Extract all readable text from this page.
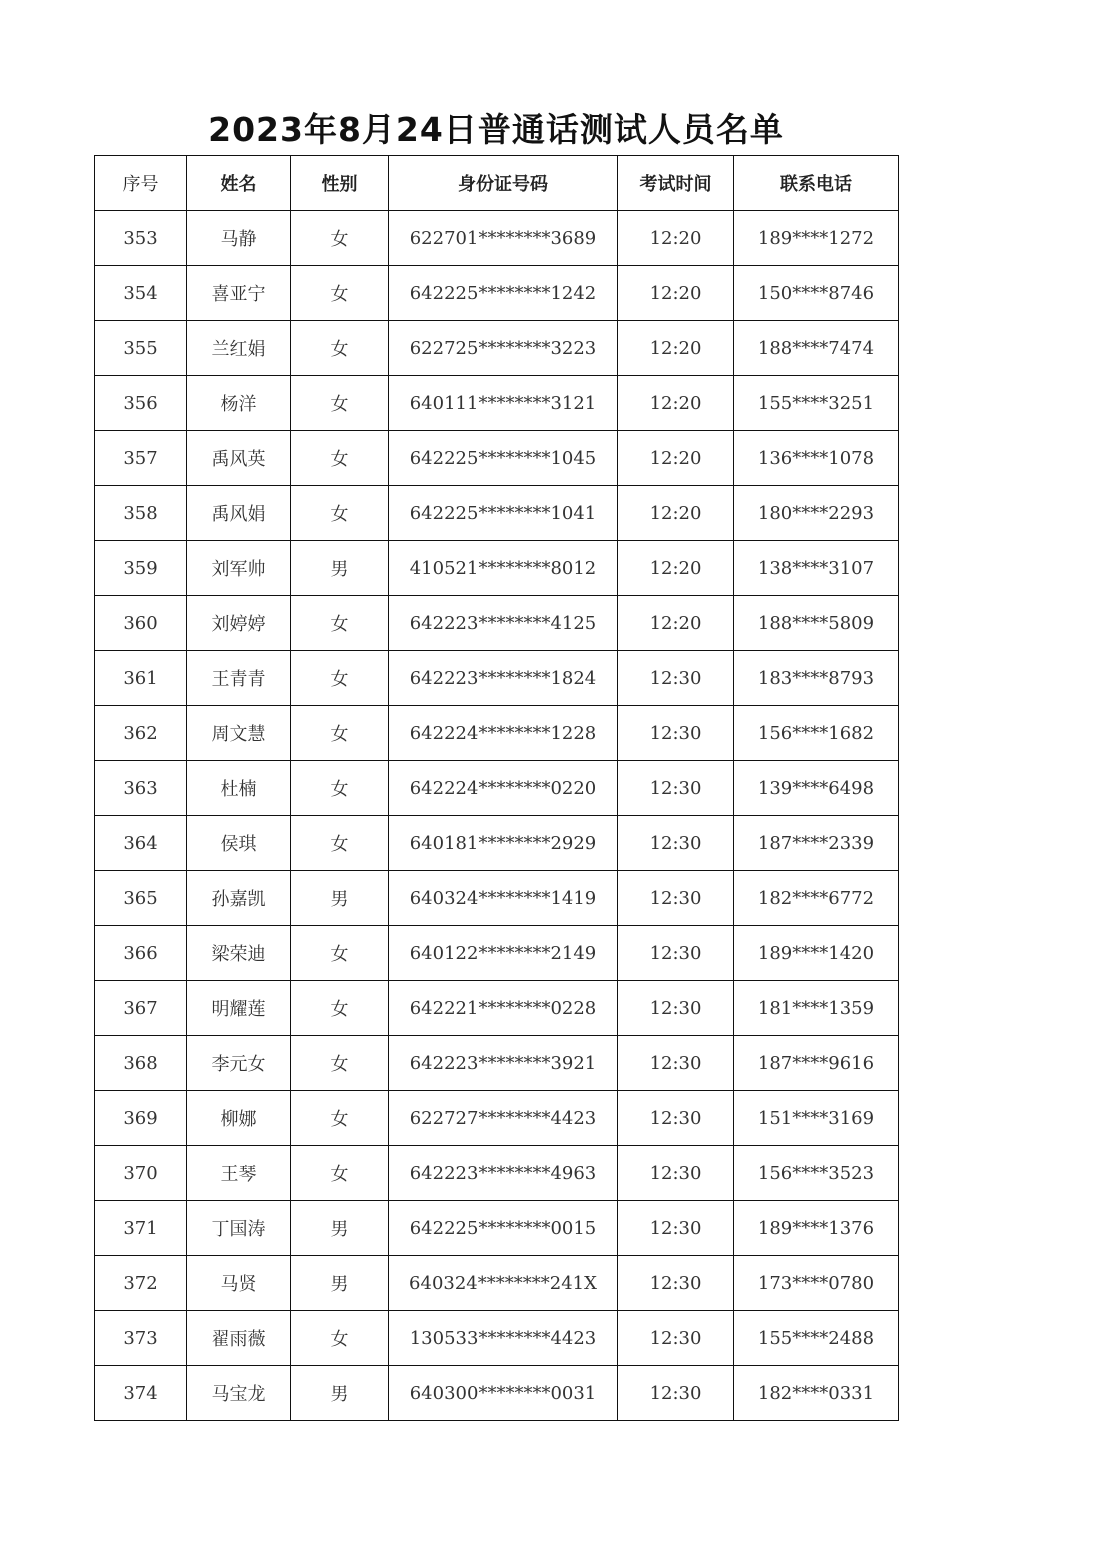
2023年8月24日普通话测试人员名单
序号	姓名	性别	身份证号码	考试时间	联系电话
353	马静	女	622701********3689	12:20	189****1272
354	喜亚宁	女	642225********1242	12:20	150****8746
355	兰红娟	女	622725********3223	12:20	188****7474
356	杨洋	女	640111********3121	12:20	155****3251
357	禹风英	女	642225********1045	12:20	136****1078
358	禹风娟	女	642225********1041	12:20	180****2293
359	刘军帅	男	410521********8012	12:20	138****3107
360	刘婷婷	女	642223********4125	12:20	188****5809
361	王青青	女	642223********1824	12:30	183****8793
362	周文慧	女	642224********1228	12:30	156****1682
363	杜楠	女	642224********0220	12:30	139****6498
364	侯琪	女	640181********2929	12:30	187****2339
365	孙嘉凯	男	640324********1419	12:30	182****6772
366	梁荣迪	女	640122********2149	12:30	189****1420
367	明耀莲	女	642221********0228	12:30	181****1359
368	李元女	女	642223********3921	12:30	187****9616
369	柳娜	女	622727********4423	12:30	151****3169
370	王琴	女	642223********4963	12:30	156****3523
371	丁国涛	男	642225********0015	12:30	189****1376
372	马贤	男	640324********241X	12:30	173****0780
373	翟雨薇	女	130533********4423	12:30	155****2488
374	马宝龙	男	640300********0031	12:30	182****0331
